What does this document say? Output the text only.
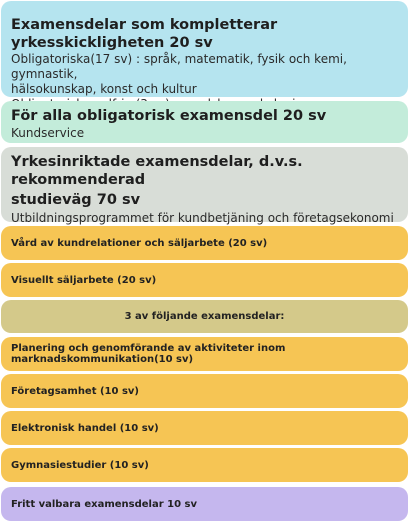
Examensdelar som kompletterar yrkesskickligheten 20 sv
Obligatoriska(17 sv) : språk, matematik, fysik och kemi, gymnastik,
hälsokunskap, konst och kultur
För alla obligatorisk examensdel 20 sv
Kundservice
Yrkesinriktade examensdelar, d.v.s. rekommenderad
studieväg 70 sv
Utbildningsprogrammet för kundbetjäning och företagsekonomi
Vård av kundrelationer och säljarbete (20 sv)
Visuellt säljarbete (20 sv)
3 av följande examensdelar:
Planering och genomförande av aktiviteter inom marknadskommunikation(10 sv)
Företagsamhet (10 sv)
Elektronisk handel (10 sv)
Gymnasiestudier (10 sv)
Fritt valbara examensdelar 10 sv
